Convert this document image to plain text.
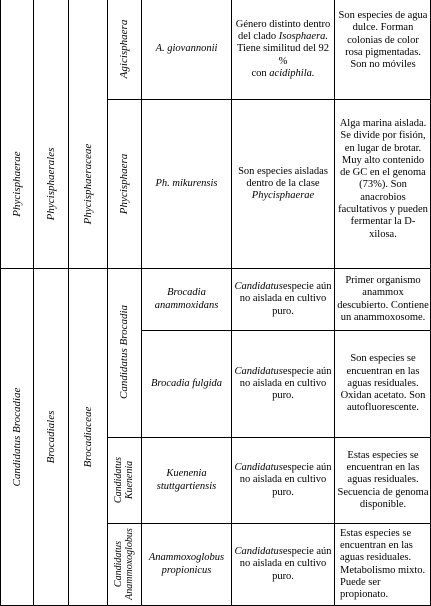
Phycisphaerae Phycisphaerales Phycisphaeraceae
Agicisphaera
Phycisphaera
Candidatus Brocadiae Brocadiales Brocadiaceae
Candidatus Brocadia
Candidatus Kuenenia
Candidatus Anammoxoglobus
A. giovannonii
Género distinto dentro
del clado Isosphaera.
Tiene similitud del 92 %
con acidiphila.
Son especies de agua dulce. Forman colonias de color rosa pigmentadas. Son no móviles
Ph. mikurensis
Son especies aisladas
dentro de la clase
Phycisphaerae
Alga marina aislada. Se divide por fisión, en lugar de brotar. Muy alto contenido de GC en el genoma (73%). Son anacrobios facultativos y pueden fermentar la D-xilosa.
Brocadia
anammoxidans
Candidatusespecie aún
no aislada en cultivo
puro.
Primer organismo anammox descubierto. Contiene un anammoxosome.
Brocadia fulgida
Candidatusespecie aún
no aislada en cultivo
puro.
Son especies se encuentran en las aguas residuales. Oxidan acetato. Son autofluorescente.
Kuenenia
stuttgartiensis
Candidatusespecie aún
no aislada en cultivo
puro.
Estas especies se encuentran en las aguas residuales. Secuencia de genoma disponible.
Anammoxoglobus
propionicus
Candidatusespecie aún
no aislada en cultivo
puro.
Estas especies se encuentran en las aguas residuales. Metabolismo mixto. Puede ser propionato.
